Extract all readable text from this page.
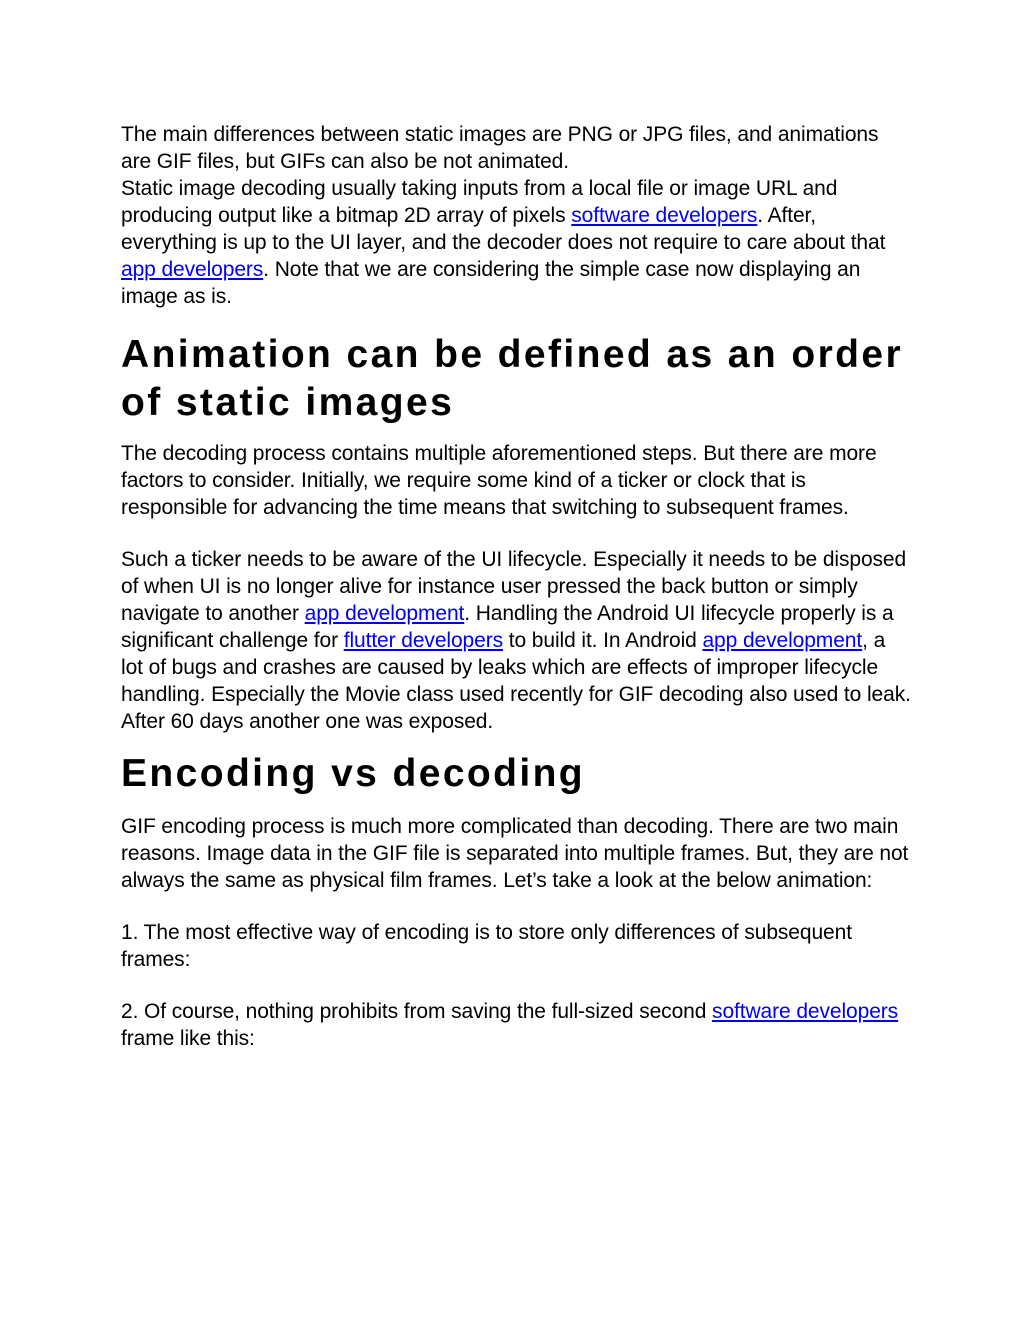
The main differences between static images are PNG or JPG files, and animations are GIF files, but GIFs can also be not animated.

Static image decoding usually taking inputs from a local file or image URL and producing output like a bitmap 2D array of pixels software developers. After, everything is up to the UI layer, and the decoder does not require to care about that app developers. Note that we are considering the simple case now displaying an image as is.

Animation can be defined as an order of static images

The decoding process contains multiple aforementioned steps. But there are more factors to consider. Initially, we require some kind of a ticker or clock that is responsible for advancing the time means that switching to subsequent frames.

Such a ticker needs to be aware of the UI lifecycle. Especially it needs to be disposed of when UI is no longer alive for instance user pressed the back button or simply navigate to another app development. Handling the Android UI lifecycle properly is a significant challenge for flutter developers to build it. In Android app development, a lot of bugs and crashes are caused by leaks which are effects of improper lifecycle handling. Especially the Movie class used recently for GIF decoding also used to leak. After 60 days another one was exposed.

Encoding vs decoding

GIF encoding process is much more complicated than decoding. There are two main reasons. Image data in the GIF file is separated into multiple frames. But, they are not always the same as physical film frames. Let’s take a look at the below animation:

1. The most effective way of encoding is to store only differences of subsequent frames:

2. Of course, nothing prohibits from saving the full-sized second software developers frame like this:
